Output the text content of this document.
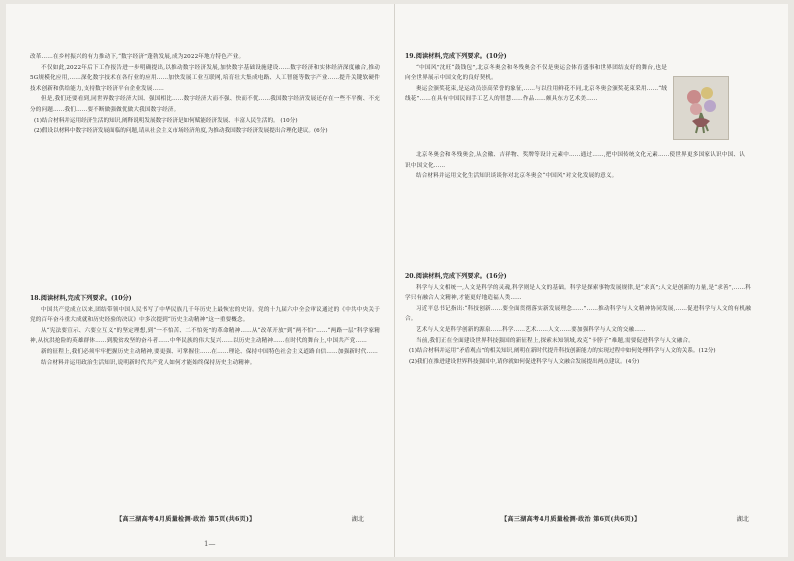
改革……在乡村振兴的有力推动下,“数字经济”蓬勃发展,成为2022年地方特色产业。

不仅如此,2022年后下工作报告进一步明确提出,以推动数字经济发展,加快数字基础设施建设……数字经济和实体经济深度融合,推动5G规模化应用,……深化数字技术在各行业的应用……加快发展工业互联网,培育壮大集成电路、人工智能等数字产业……提升关键软硬件技术创新和供给能力,支持数字经济平台企业发展……

但是,我们还要看到,同世界数字经济大国、强国相比……数字经济大而不强、快而不优……我国数字经济发展还存在一些不平衡、不充分的问题……我们……要不断做强做优做大我国数字经济。

(1)结合材料并运用经济生活的知识,阐释说明发展数字经济是如何赋能经济发展、丰富人民生活的。 (10分)

(2)假设以材料中数字经济发展面临的问题,请从社会主义市场经济角度,为推动我国数字经济发展提出合理化建议。(6分)

18.阅读材料,完成下列要求。(10分)

中国共产党成立以来,团结带领中国人民书写了中华民族几千年历史上最恢宏的史诗。党的十九届六中全会审议通过的《中共中央关于党的百年奋斗重大成就和历史经验的决议》中多次提到“历史主动精神”这一重要概念。

从“宪法要宣示、六要立互义”的坚定理想,到“一不怕苦、二不怕死”的革命精神……从“改革开放”到“两不怕”……“两路一层”科学家精神,从抗洪抢险的英雄群体……到脱贫攻坚的奋斗者……中华民族的伟大复兴……以历史主动精神……在时代的舞台上,中国共产党……

新的征程上,我们必须牢牢把握历史主动精神,要更强、可掌握住……在……理论、保持中国特色社会主义道路自信……加强新时代……

结合材料并运用政治生活知识,说明新时代共产党人如何才能始终保持历史主动精神。

【高三湖高考4月质量检测·政治 第5页(共6页)】	湖北

19.阅读材料,完成下列要求。(10分)

“中国风”沈旺“鼓钱包”,北京冬奥会和冬残奥会不仅是奥运会体育盛事和世界团结友好的舞台,也是向全世界展示中国文化的良好契机。

奥运会颁奖花束,是运动员崇高荣誉的象征,……与以往用鲜花不同,北京冬奥会颁奖花束采用……“绒线花”……在具有中国民间手工艺人的智慧……作品……颇具东方艺术美……

北京冬奥会和冬残奥会,从会徽、吉祥物、奖牌等设计元素中……通过……,把中国传统文化元素……使世界更多国家认识中国、认识中国文化……

结合材料并运用文化生活知识谈谈你对北京冬奥会“中国风”对文化发展的意义。

20.阅读材料,完成下列要求。(16分)

科学与人文相统一,人文是科学的灵魂,科学则是人文的基础。科学是探索事物发展规律,是“求真”;人文是创新的力量,是“求善”,……科学只有融合人文精神,才能更好地造福人类……

习近平总书记指出:“科技创新……要全面贯彻落实新发展理念……”……推动科学与人文精神协同发展,……促进科学与人文的有机融合。

艺术与人文是科学创新的源泉……科学……艺术……人文……要加强科学与人文的交融……

当前,我们正在全面建设世界科技强国的新征程上,探索未知领域,攻克“卡脖子”难题,需要促进科学与人文融合。

(1)结合材料并运用“矛盾观点”的相关知识,阐明在新时代提升科技创新能力的实现过程中如何处理科学与人文的关系。(12分)

(2)我们在推进建设世界科技强国中,请你就如何促进科学与人文融合发展提出两点建议。(4分)

【高三湖高考4月质量检测·政治 第6页(共6页)】	湖北
1—
